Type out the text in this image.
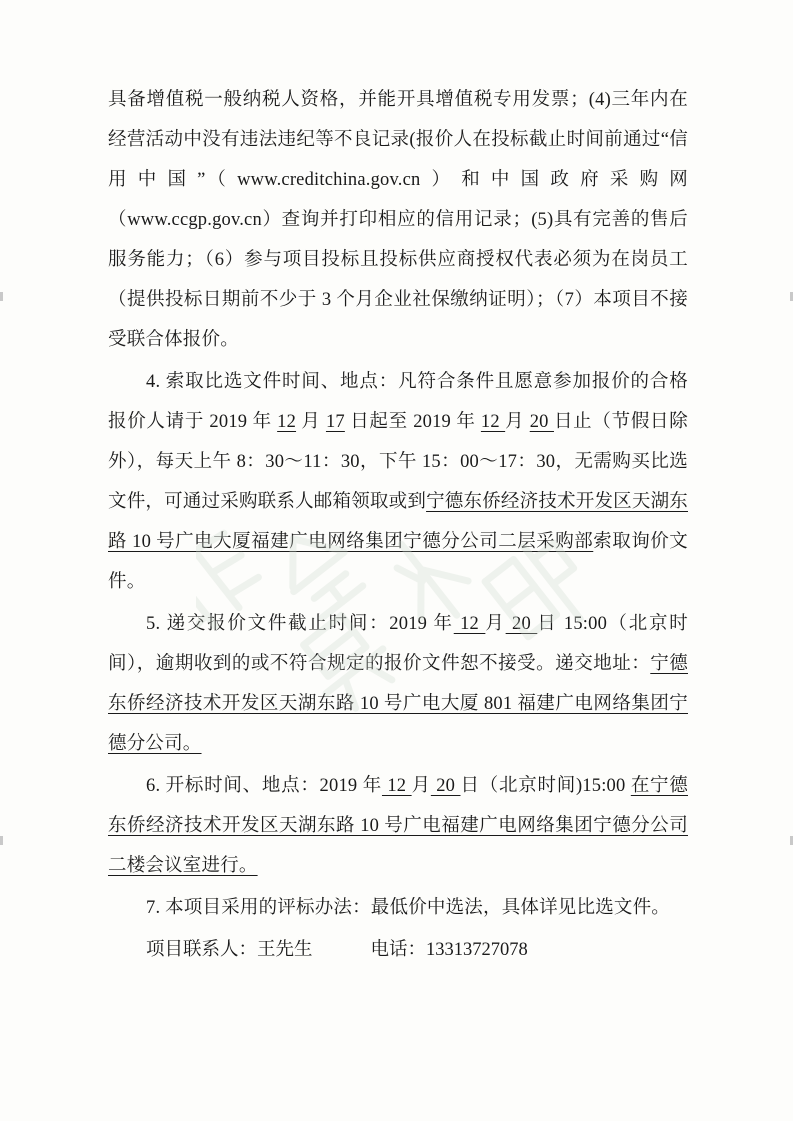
具备增值税一般纳税人资格，并能开具增值税专用发票；(4)三年内在经营活动中没有违法违纪等不良记录(报价人在投标截止时间前通过“信用中国”（www.creditchina.gov.cn）和中国政府采购网（www.ccgp.gov.cn）查询并打印相应的信用记录；(5)具有完善的售后服务能力；（6）参与项目投标且投标供应商授权代表必须为在岗员工（提供投标日期前不少于 3 个月企业社保缴纳证明）；（7）本项目不接受联合体报价。

4. 索取比选文件时间、地点：凡符合条件且愿意参加报价的合格报价人请于 2019 年 12 月 17 日起至 2019 年 12 月 20 日止（节假日除外），每天上午 8：30～11：30，下午 15：00～17：30，无需购买比选文件，可通过采购联系人邮箱领取或到宁德东侨经济技术开发区天湖东路 10 号广电大厦福建广电网络集团宁德分公司二层采购部索取询价文件。

5. 递交报价文件截止时间：2019 年 12 月 20 日 15:00（北京时间），逾期收到的或不符合规定的报价文件恕不接受。递交地址：宁德东侨经济技术开发区天湖东路 10 号广电大厦 801 福建广电网络集团宁德分公司。

6. 开标时间、地点：2019 年 12 月 20 日（北京时间)15:00 在宁德东侨经济技术开发区天湖东路 10 号广电福建广电网络集团宁德分公司二楼会议室进行。

7. 本项目采用的评标办法：最低价中选法，具体详见比选文件。

项目联系人：王先生	电话：13313727078
